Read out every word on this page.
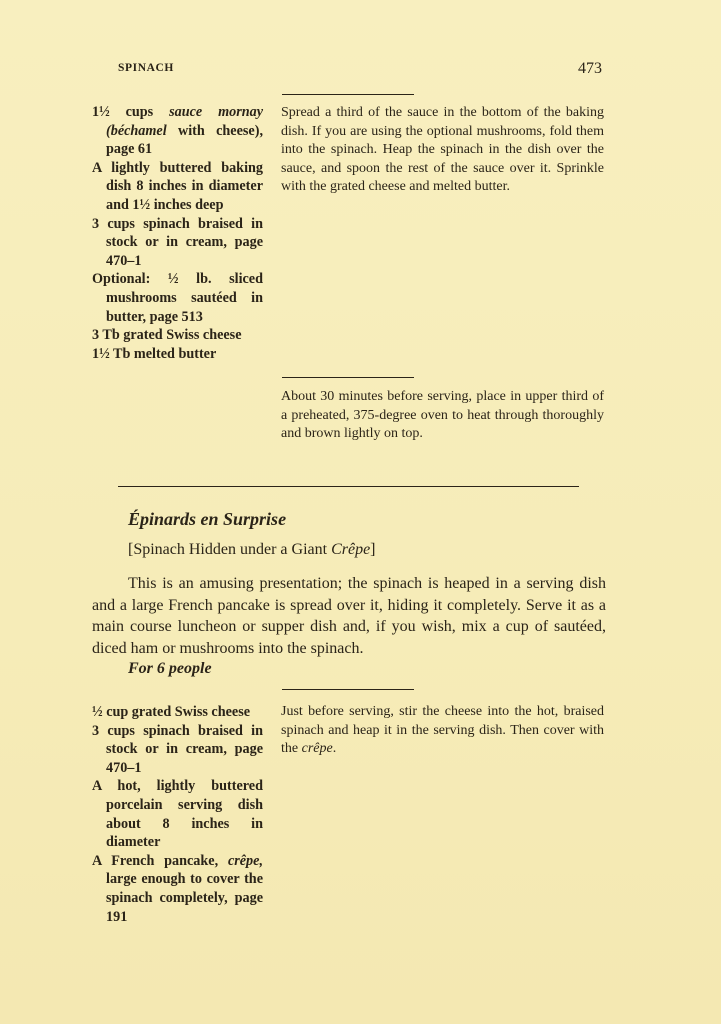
SPINACH	473
1½ cups sauce mornay (béchamel with cheese), page 61
A lightly buttered baking dish 8 inches in diameter and 1½ inches deep
3 cups spinach braised in stock or in cream, page 470–1
Optional: ½ lb. sliced mushrooms sautéed in butter, page 513
3 Tb grated Swiss cheese
1½ Tb melted butter
Spread a third of the sauce in the bottom of the baking dish. If you are using the optional mushrooms, fold them into the spinach. Heap the spinach in the dish over the sauce, and spoon the rest of the sauce over it. Sprinkle with the grated cheese and melted butter.
About 30 minutes before serving, place in upper third of a preheated, 375-degree oven to heat through thoroughly and brown lightly on top.
Épinards en Surprise
[Spinach Hidden under a Giant Crêpe]
This is an amusing presentation; the spinach is heaped in a serving dish and a large French pancake is spread over it, hiding it completely. Serve it as a main course luncheon or supper dish and, if you wish, mix a cup of sautéed, diced ham or mushrooms into the spinach.
For 6 people
½ cup grated Swiss cheese
3 cups spinach braised in stock or in cream, page 470–1
A hot, lightly buttered porcelain serving dish about 8 inches in diameter
A French pancake, crêpe, large enough to cover the spinach completely, page 191
Just before serving, stir the cheese into the hot, braised spinach and heap it in the serving dish. Then cover with the crêpe.
